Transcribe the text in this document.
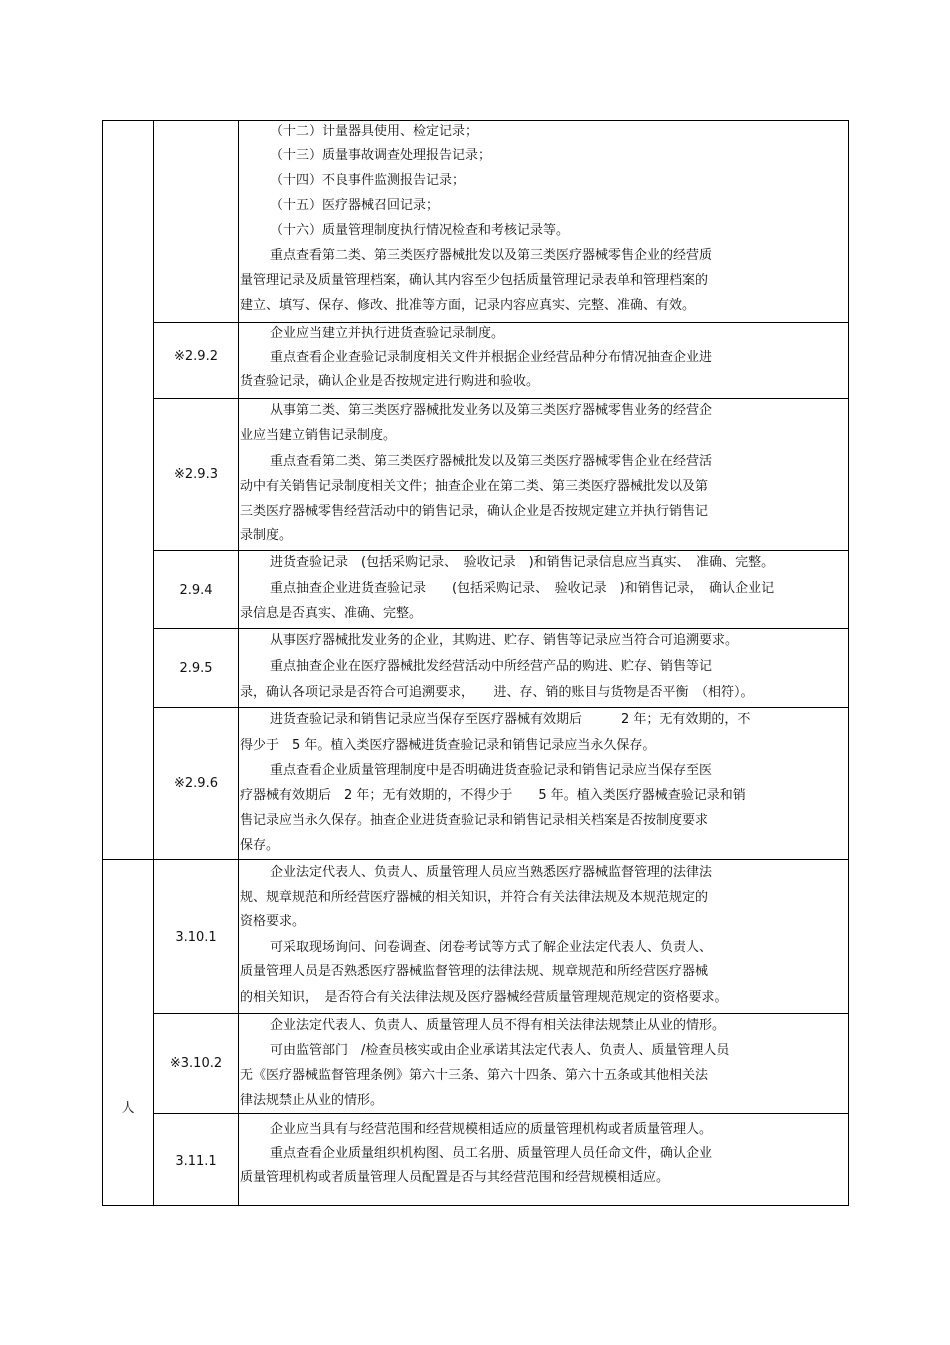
人
※2.9.2
※2.9.3
2.9.4
2.9.5
※2.9.6
3.10.1
※3.10.2
3.11.1
（十二）计量器具使用、检定记录；
（十三）质量事故调查处理报告记录；
（十四）不良事件监测报告记录；
（十五）医疗器械召回记录；
（十六）质量管理制度执行情况检查和考核记录等。
重点查看第二类、第三类医疗器械批发以及第三类医疗器械零售企业的经营质
量管理记录及质量管理档案，确认其内容至少包括质量管理记录表单和管理档案的
建立、填写、保存、修改、批准等方面，记录内容应真实、完整、准确、有效。
企业应当建立并执行进货查验记录制度。
重点查看企业查验记录制度相关文件并根据企业经营品种分布情况抽查企业进
货查验记录，确认企业是否按规定进行购进和验收。
从事第二类、第三类医疗器械批发业务以及第三类医疗器械零售业务的经营企
业应当建立销售记录制度。
重点查看第二类、第三类医疗器械批发以及第三类医疗器械零售企业在经营活
动中有关销售记录制度相关文件；抽查企业在第二类、第三类医疗器械批发以及第
三类医疗器械零售经营活动中的销售记录，确认企业是否按规定建立并执行销售记
录制度。
进货查验记录　(包括采购记录、　验收记录　)和销售记录信息应当真实、　准确、完整。
重点抽查企业进货查验记录　　(包括采购记录、　验收记录　)和销售记录，　确认企业记
录信息是否真实、准确、完整。
从事医疗器械批发业务的企业，其购进、贮存、销售等记录应当符合可追溯要求。
重点抽查企业在医疗器械批发经营活动中所经营产品的购进、贮存、销售等记
录，确认各项记录是否符合可追溯要求，　　进、存、销的账目与货物是否平衡　（相符）。
进货查验记录和销售记录应当保存至医疗器械有效期后　　　2 年；无有效期的，不
得少于　5 年。植入类医疗器械进货查验记录和销售记录应当永久保存。
重点查看企业质量管理制度中是否明确进货查验记录和销售记录应当保存至医
疗器械有效期后　2 年；无有效期的，不得少于　　5 年。植入类医疗器械查验记录和销
售记录应当永久保存。抽查企业进货查验记录和销售记录相关档案是否按制度要求
保存。
企业法定代表人、负责人、质量管理人员应当熟悉医疗器械监督管理的法律法
规、规章规范和所经营医疗器械的相关知识，并符合有关法律法规及本规范规定的
资格要求。
可采取现场询问、问卷调查、闭卷考试等方式了解企业法定代表人、负责人、
质量管理人员是否熟悉医疗器械监督管理的法律法规、规章规范和所经营医疗器械
的相关知识，　是否符合有关法律法规及医疗器械经营质量管理规范规定的资格要求。
企业法定代表人、负责人、质量管理人员不得有相关法律法规禁止从业的情形。
可由监管部门　/检查员核实或由企业承诺其法定代表人、负责人、质量管理人员
无《医疗器械监督管理条例》第六十三条、第六十四条、第六十五条或其他相关法
律法规禁止从业的情形。
企业应当具有与经营范围和经营规模相适应的质量管理机构或者质量管理人。
重点查看企业质量组织机构图、员工名册、质量管理人员任命文件，确认企业
质量管理机构或者质量管理人员配置是否与其经营范围和经营规模相适应。
